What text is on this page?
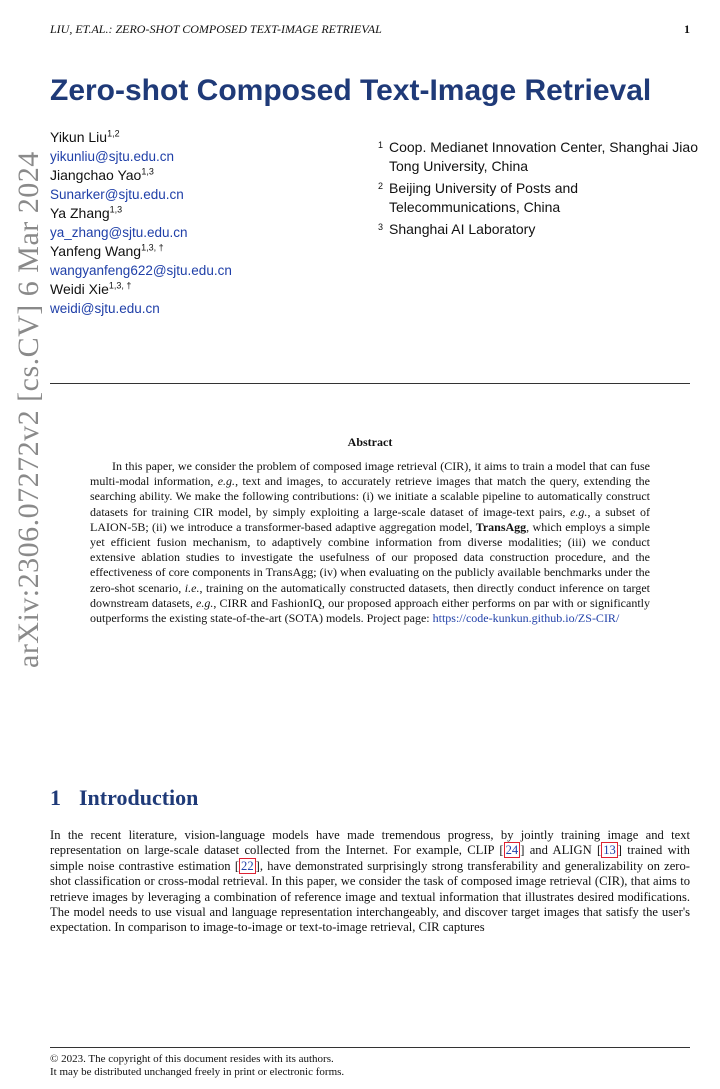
LIU, ET.AL.: ZERO-SHOT COMPOSED TEXT-IMAGE RETRIEVAL	1
arXiv:2306.07272v2 [cs.CV] 6 Mar 2024
Zero-shot Composed Text-Image Retrieval
Yikun Liu$^{1,2}$
yikunliu@sjtu.edu.cn
Jiangchao Yao$^{1,3}$
Sunarker@sjtu.edu.cn
Ya Zhang$^{1,3}$
ya_zhang@sjtu.edu.cn
Yanfeng Wang$^{1,3, \dagger}$
wangyanfeng622@sjtu.edu.cn
Weidi Xie$^{1,3, \dagger}$
weidi@sjtu.edu.cn
1 Coop. Medianet Innovation Center, Shanghai Jiao Tong University, China
2 Beijing University of Posts and Telecommunications, China
3 Shanghai AI Laboratory
Abstract

In this paper, we consider the problem of composed image retrieval (CIR), it aims to train a model that can fuse multi-modal information, e.g., text and images, to accurately retrieve images that match the query, extending the searching ability. We make the following contributions: (i) we initiate a scalable pipeline to automatically construct datasets for training CIR model, by simply exploiting a large-scale dataset of image-text pairs, e.g., a subset of LAION-5B; (ii) we introduce a transformer-based adaptive aggregation model, TransAgg, which employs a simple yet efficient fusion mechanism, to adaptively combine information from diverse modalities; (iii) we conduct extensive ablation studies to investigate the usefulness of our proposed data construction procedure, and the effectiveness of core components in TransAgg; (iv) when evaluating on the publicly available benchmarks under the zero-shot scenario, i.e., training on the automatically constructed datasets, then directly conduct inference on target downstream datasets, e.g., CIRR and FashionIQ, our proposed approach either performs on par with or significantly outperforms the existing state-of-the-art (SOTA) models. Project page: https://code-kunkun.github.io/ZS-CIR/

1 Introduction

In the recent literature, vision-language models have made tremendous progress, by jointly training image and text representation on large-scale dataset collected from the Internet. For example, CLIP [ 24 ] and ALIGN [ 13 ] trained with simple noise contrastive estimation [ 22 ], have demonstrated surprisingly strong transferability and generalizability on zero-shot classification or cross-modal retrieval. In this paper, we consider the task of composed image retrieval (CIR), that aims to retrieve images by leveraging a combination of reference image and textual information that illustrates desired modifications. The model needs to use visual and language representation interchangeably, and discover target images that satisfy the user's expectation. In comparison to image-to-image or text-to-image retrieval, CIR captures

© 2023. The copyright of this document resides with its authors.
It may be distributed unchanged freely in print or electronic forms.
